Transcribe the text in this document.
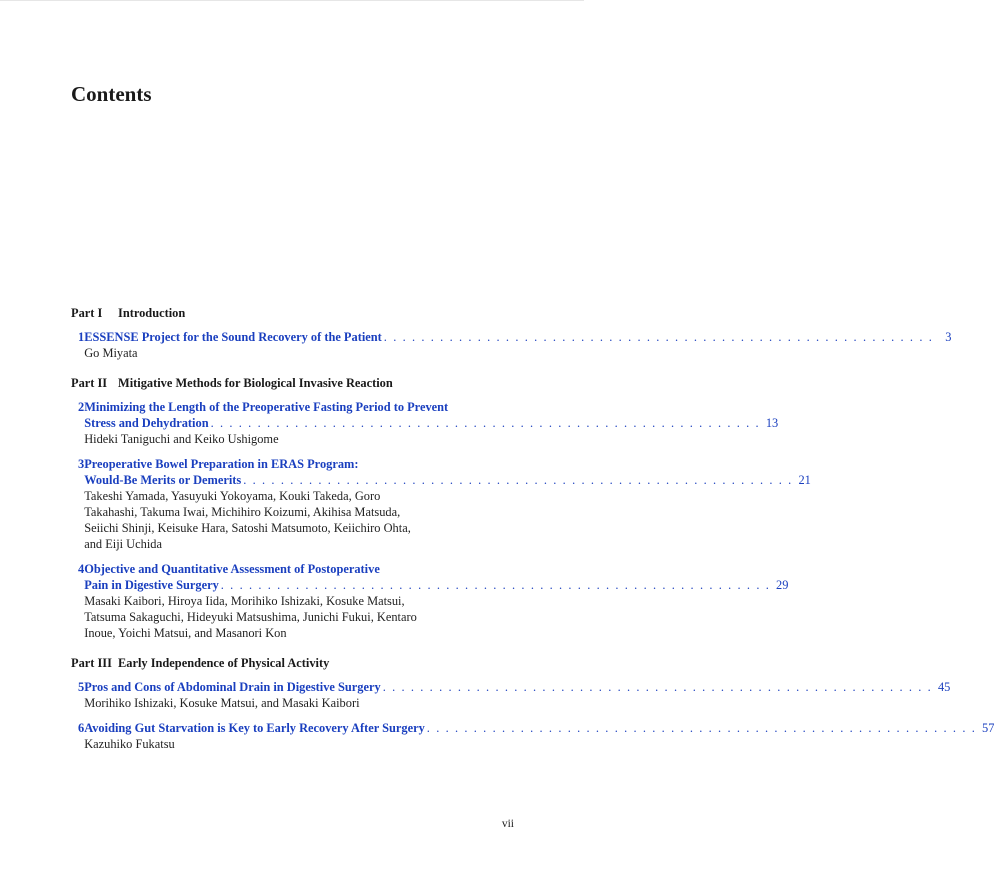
Contents
Part I Introduction
1 ESSENSE Project for the Sound Recovery of the Patient . . .	3
Go Miyata
Part II Mitigative Methods for Biological Invasive Reaction
2 Minimizing the Length of the Preoperative Fasting Period to Prevent
Stress and Dehydration . . .	13
Hideki Taniguchi and Keiko Ushigome
3 Preoperative Bowel Preparation in ERAS Program:
Would-Be Merits or Demerits . . .	21
Takeshi Yamada, Yasuyuki Yokoyama, Kouki Takeda, Goro
Takahashi, Takuma Iwai, Michihiro Koizumi, Akihisa Matsuda,
Seiichi Shinji, Keisuke Hara, Satoshi Matsumoto, Keiichiro Ohta,
and Eiji Uchida
4 Objective and Quantitative Assessment of Postoperative
Pain in Digestive Surgery . . .	29
Masaki Kaibori, Hiroya Iida, Morihiko Ishizaki, Kosuke Matsui,
Tatsuma Sakaguchi, Hideyuki Matsushima, Junichi Fukui, Kentaro
Inoue, Yoichi Matsui, and Masanori Kon
Part III Early Independence of Physical Activity
5 Pros and Cons of Abdominal Drain in Digestive Surgery . . .	45
Morihiko Ishizaki, Kosuke Matsui, and Masaki Kaibori
6 Avoiding Gut Starvation is Key to Early Recovery After Surgery . . .	57
Kazuhiko Fukatsu
vii
